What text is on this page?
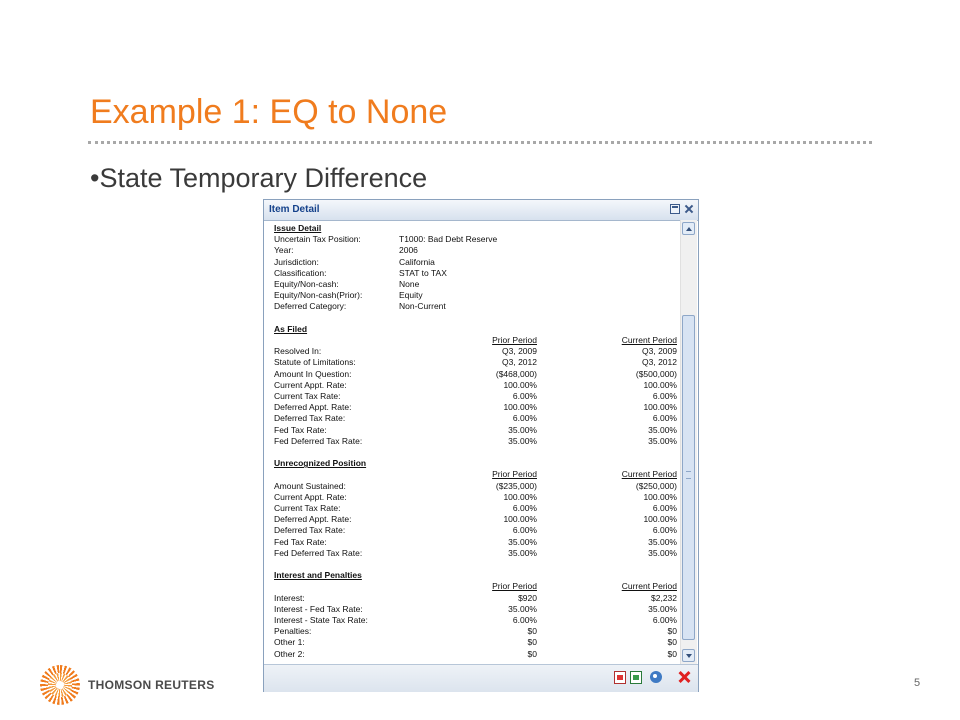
Example 1: EQ to None
•State Temporary Difference
Item Detail
Issue Detail
Uncertain Tax Position:	T1000: Bad Debt Reserve
Year:	2006
Jurisdiction:	California
Classification:	STAT to TAX
Equity/Non-cash:	None
Equity/Non-cash(Prior):	Equity
Deferred Category:	Non-Current
As Filed
Prior Period	Current Period
Resolved In:	Q3, 2009	Q3, 2009
Statute of Limitations:	Q3, 2012	Q3, 2012
Amount In Question:	($468,000)	($500,000)
Current Appt. Rate:	100.00%	100.00%
Current Tax Rate:	6.00%	6.00%
Deferred Appt. Rate:	100.00%	100.00%
Deferred Tax Rate:	6.00%	6.00%
Fed Tax Rate:	35.00%	35.00%
Fed Deferred Tax Rate:	35.00%	35.00%
Unrecognized Position
Prior Period	Current Period
Amount Sustained:	($235,000)	($250,000)
Current Appt. Rate:	100.00%	100.00%
Current Tax Rate:	6.00%	6.00%
Deferred Appt. Rate:	100.00%	100.00%
Deferred Tax Rate:	6.00%	6.00%
Fed Tax Rate:	35.00%	35.00%
Fed Deferred Tax Rate:	35.00%	35.00%
Interest and Penalties
Prior Period	Current Period
Interest:	$920	$2,232
Interest - Fed Tax Rate:	35.00%	35.00%
Interest - State Tax Rate:	6.00%	6.00%
Penalties:	$0	$0
Other 1:	$0	$0
Other 2:	$0	$0
THOMSON REUTERS	5
